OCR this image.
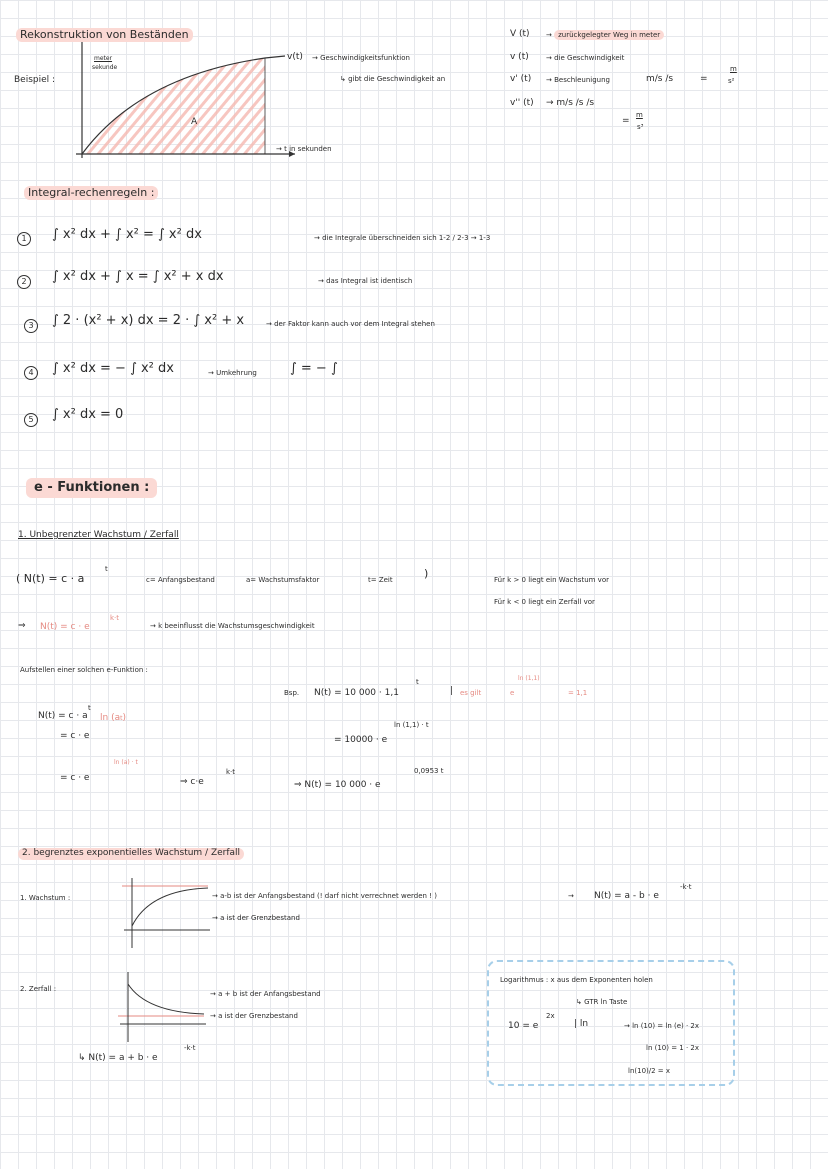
Rekonstruktion von Beständen
Beispiel :
meter
sekunde
A
v(t) → Geschwindigkeitsfunktion
↳ gibt die Geschwindigkeit an
→ t in sekunden
V (t) → zurückgelegter Weg in meter
v (t) → die Geschwindigkeit
v' (t) → Beschleunigung	m/s /s	=
m
s²
v'' (t) → m/s /s /s
=
m
s³
Integral-rechenregeln :
1	∫ x² dx + ∫ x² = ∫ x² dx	→ die Integrale überschneiden sich 1-2 / 2-3 → 1-3
2	∫ x² dx + ∫ x = ∫ x² + x dx	→ das Integral ist identisch
3	∫ 2 · (x² + x) dx = 2 · ∫ x² + x	→ der Faktor kann auch vor dem Integral stehen
4	∫ x² dx = − ∫ x² dx	→ Umkehrung	∫ = − ∫
5	∫ x² dx = 0
e - Funktionen :
1. Unbegrenzter Wachstum / Zerfall
( N(t) = c · a
t
c= Anfangsbestand	a= Wachstumsfaktor	t= Zeit	)	Für k > 0 liegt ein Wachstum vor
Für k < 0 liegt ein Zerfall vor
⇒ N(t) = c · e
k·t
→ k beeinflusst die Wachstumsgeschwindigkeit
Aufstellen einer solchen e-Funktion :
N(t) = c · a
t
ln (at)
= c · e
ln (a) · t
= c · e	⇒ c·e
k·t
Bsp. N(t) = 10 000 · 1,1
t
| es gilt	e
ln (1,1)
= 1,1
ln (1,1) · t
= 10000 · e
0,0953 t
⇒ N(t) = 10 000 · e
2. begrenztes exponentielles Wachstum / Zerfall
1. Wachstum :	→ a-b ist der Anfangsbestand (! darf nicht verrechnet werden ! )
→ a ist der Grenzbestand
→ N(t) = a - b · e
-k·t
2. Zerfall :
→ a + b ist der Anfangsbestand
→ a ist der Grenzbestand
↳ N(t) = a + b · e
-k·t
Logarithmus : x aus dem Exponenten holen
↳ GTR ln Taste
10 = e
2x
| ln	→ ln (10) = ln (e) · 2x
ln (10) = 1 · 2x
ln(10)/2 = x
